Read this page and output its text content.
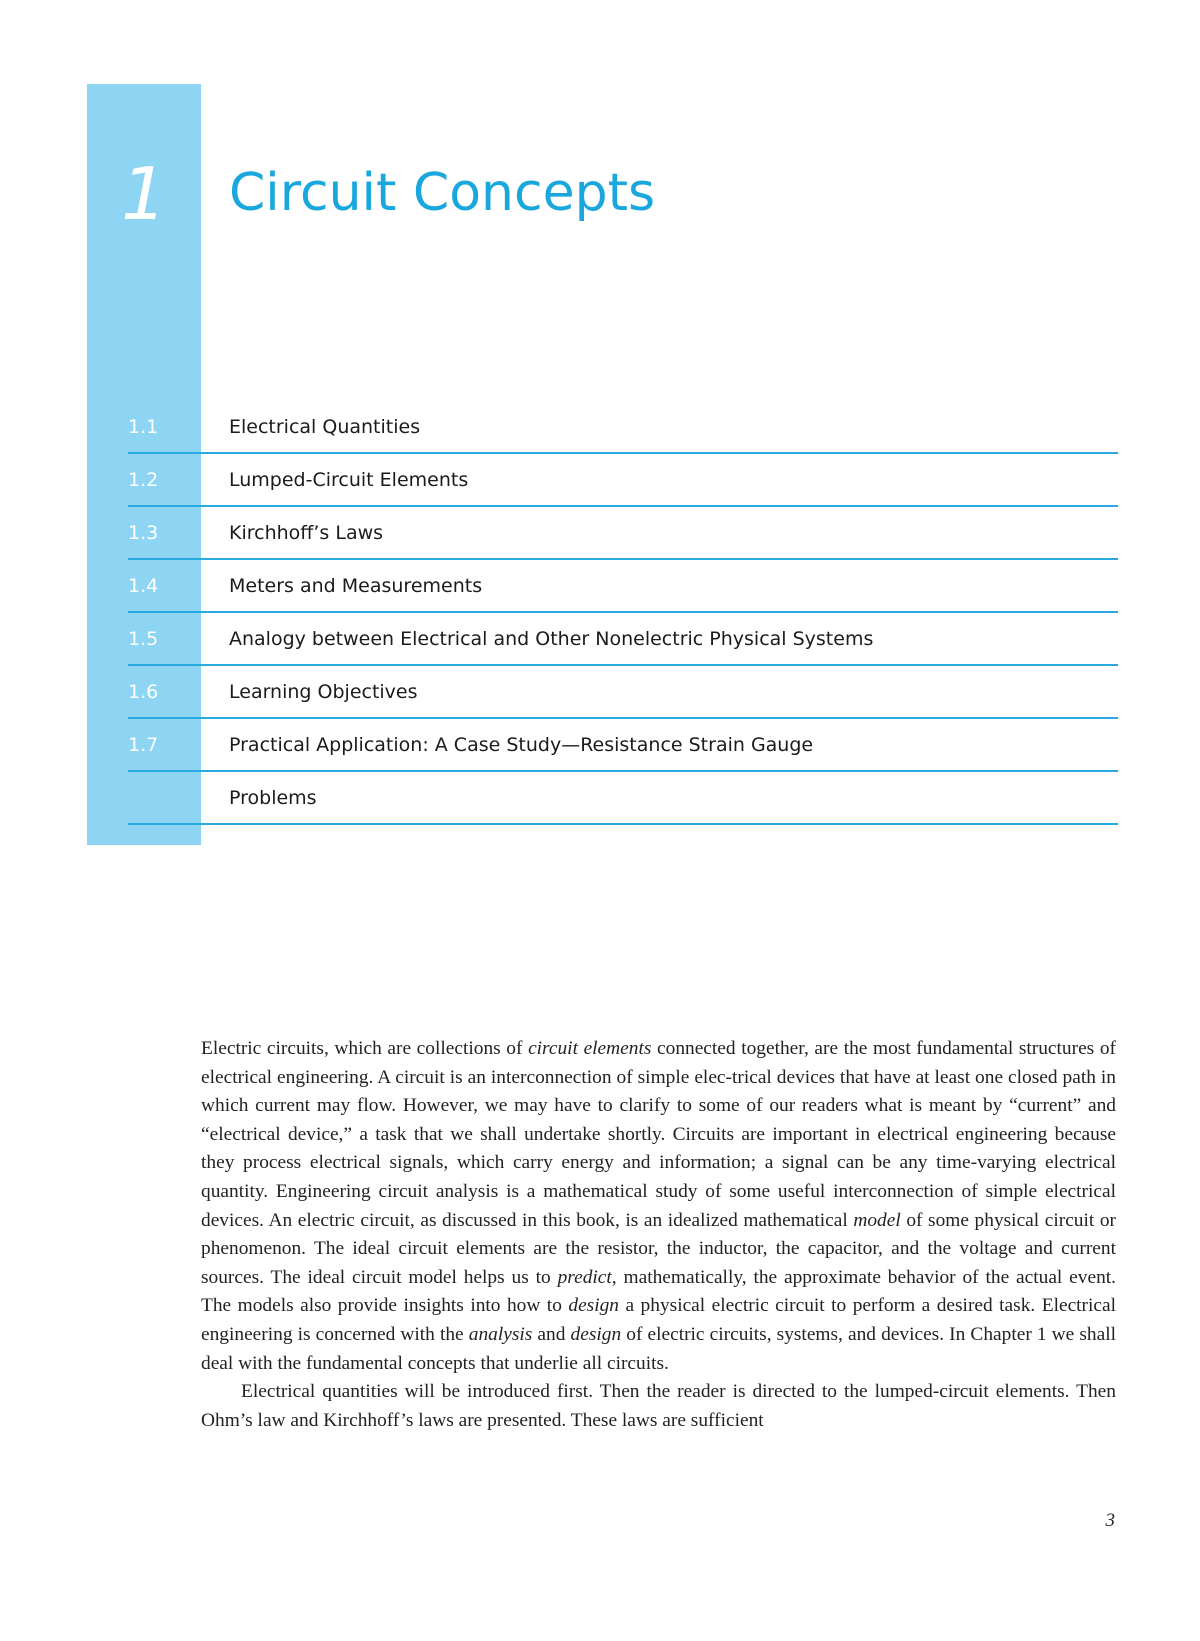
1	Circuit Concepts
1.1	Electrical Quantities
1.2	Lumped-Circuit Elements
1.3	Kirchhoff’s Laws
1.4	Meters and Measurements
1.5	Analogy between Electrical and Other Nonelectric Physical Systems
1.6	Learning Objectives
1.7	Practical Application: A Case Study—Resistance Strain Gauge
Problems

Electric circuits, which are collections of circuit elements connected together, are the most fundamental structures of electrical engineering. A circuit is an interconnection of simple elec-trical devices that have at least one closed path in which current may flow. However, we may have to clarify to some of our readers what is meant by “current” and “electrical device,” a task that we shall undertake shortly. Circuits are important in electrical engineering because they process electrical signals, which carry energy and information; a signal can be any time-varying electrical quantity. Engineering circuit analysis is a mathematical study of some useful interconnection of simple electrical devices. An electric circuit, as discussed in this book, is an idealized mathematical model of some physical circuit or phenomenon. The ideal circuit elements are the resistor, the inductor, the capacitor, and the voltage and current sources. The ideal circuit model helps us to predict, mathematically, the approximate behavior of the actual event. The models also provide insights into how to design a physical electric circuit to perform a desired task. Electrical engineering is concerned with the analysis and design of electric circuits, systems, and devices. In Chapter 1 we shall deal with the fundamental concepts that underlie all circuits.

Electrical quantities will be introduced first. Then the reader is directed to the lumped-circuit elements. Then Ohm’s law and Kirchhoff’s laws are presented. These laws are sufficient

3
